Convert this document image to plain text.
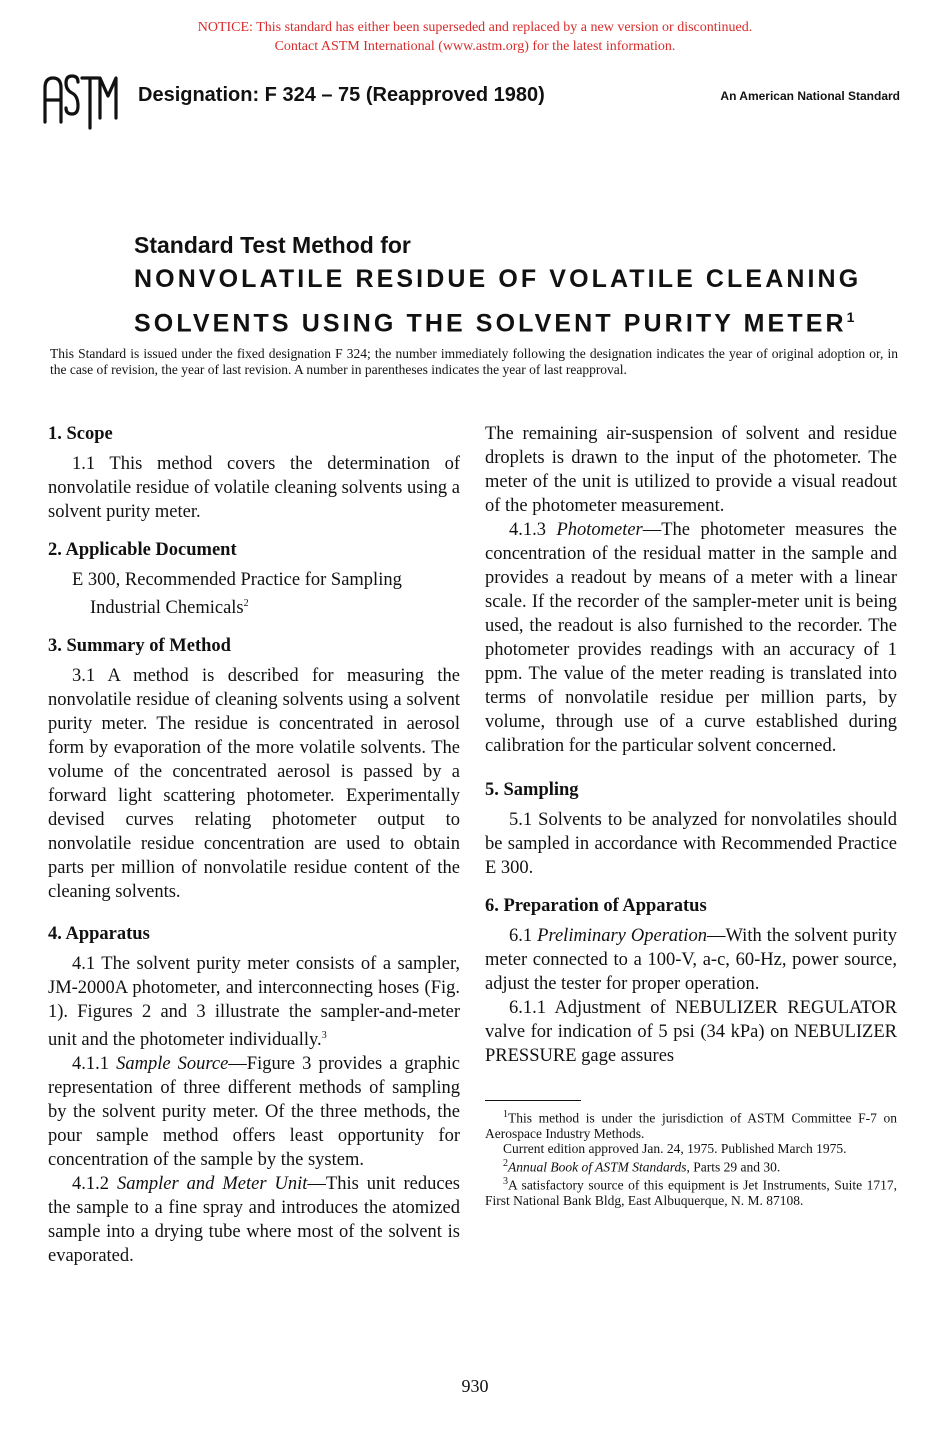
NOTICE: This standard has either been superseded and replaced by a new version or discontinued.
Contact ASTM International (www.astm.org) for the latest information.
Designation: F 324 – 75 (Reapproved 1980)	An American National Standard
Standard Test Method for
NONVOLATILE RESIDUE OF VOLATILE CLEANING
SOLVENTS USING THE SOLVENT PURITY METER$^1$
This Standard is issued under the fixed designation F 324; the number immediately following the designation indicates the year of original adoption or, in the case of revision, the year of last revision. A number in parentheses indicates the year of last reapproval.
1. Scope

1.1 This method covers the determination of nonvolatile residue of volatile cleaning solvents using a solvent purity meter.

2. Applicable Document

E 300, Recommended Practice for Sampling Industrial Chemicals$^2$

3. Summary of Method

3.1 A method is described for measuring the nonvolatile residue of cleaning solvents using a solvent purity meter. The residue is concentrated in aerosol form by evaporation of the more volatile solvents. The volume of the concentrated aerosol is passed by a forward light scattering photometer. Experimentally devised curves relating photometer output to nonvolatile residue concentration are used to obtain parts per million of nonvolatile residue content of the cleaning solvents.

4. Apparatus

4.1 The solvent purity meter consists of a sampler, JM-2000A photometer, and interconnecting hoses (Fig. 1). Figures 2 and 3 illustrate the sampler-and-meter unit and the photometer individually.$^3$

4.1.1 Sample Source—Figure 3 provides a graphic representation of three different methods of sampling by the solvent purity meter. Of the three methods, the pour sample method offers least opportunity for concentration of the sample by the system.

4.1.2 Sampler and Meter Unit—This unit reduces the sample to a fine spray and introduces the atomized sample into a drying tube where most of the solvent is evaporated.

The remaining air-suspension of solvent and residue droplets is drawn to the input of the photometer. The meter of the unit is utilized to provide a visual readout of the photometer measurement.

4.1.3 Photometer—The photometer measures the concentration of the residual matter in the sample and provides a readout by means of a meter with a linear scale. If the recorder of the sampler-meter unit is being used, the readout is also furnished to the recorder. The photometer provides readings with an accuracy of 1 ppm. The value of the meter reading is translated into terms of nonvolatile residue per million parts, by volume, through use of a curve established during calibration for the particular solvent concerned.

5. Sampling

5.1 Solvents to be analyzed for nonvolatiles should be sampled in accordance with Recommended Practice E 300.

6. Preparation of Apparatus

6.1 Preliminary Operation—With the solvent purity meter connected to a 100-V, a-c, 60-Hz, power source, adjust the tester for proper operation.

6.1.1 Adjustment of NEBULIZER REGULATOR valve for indication of 5 psi (34 kPa) on NEBULIZER PRESSURE gage assures

$^1$This method is under the jurisdiction of ASTM Committee F-7 on Aerospace Industry Methods.

Current edition approved Jan. 24, 1975. Published March 1975.

$^2$Annual Book of ASTM Standards, Parts 29 and 30.

$^3$A satisfactory source of this equipment is Jet Instruments, Suite 1717, First National Bank Bldg, East Albuquerque, N. M. 87108.

930
